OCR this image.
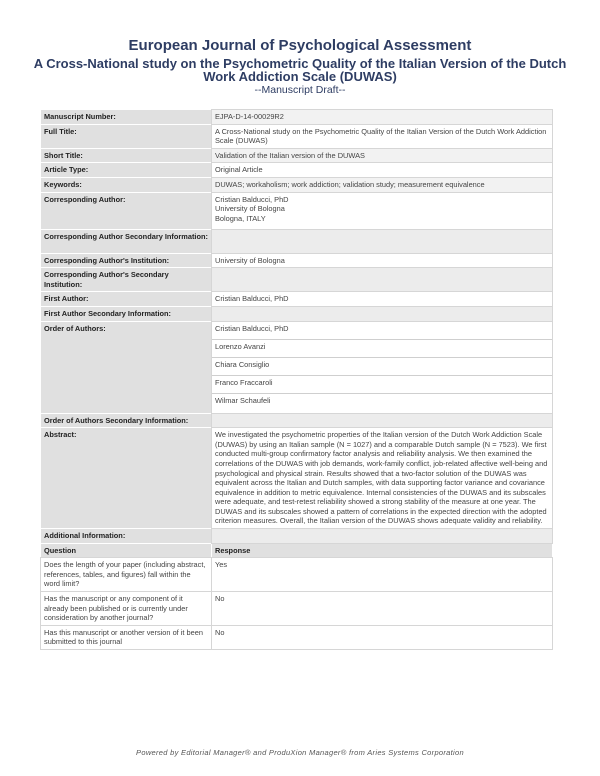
European Journal of Psychological Assessment
A Cross-National study on the Psychometric Quality of the Italian Version of the Dutch Work Addiction Scale (DUWAS)
--Manuscript Draft--
Manuscript Number:	EJPA-D-14-00029R2
Full Title:	A Cross-National study on the Psychometric Quality of the Italian Version of the Dutch Work Addiction Scale (DUWAS)
Short Title:	Validation of the Italian version of the DUWAS
Article Type:	Original Article
Keywords:	DUWAS; workaholism; work addiction; validation study; measurement equivalence
Corresponding Author:	Cristian Balducci, PhD
University of Bologna
Bologna, ITALY

Corresponding Author Secondary Information:	
Corresponding Author's Institution:	University of Bologna
Corresponding Author's Secondary Institution:	
First Author:	Cristian Balducci, PhD
First Author Secondary Information:	
Order of Authors:	Cristian Balducci, PhD
Lorenzo Avanzi
Chiara Consiglio
Franco Fraccaroli
Wilmar Schaufeli

Order of Authors Secondary Information:	
Abstract:	We investigated the psychometric properties of the Italian version of the Dutch Work Addiction Scale (DUWAS) by using an Italian sample (N = 1027) and a comparable Dutch sample (N = 7523). We first conducted multi-group confirmatory factor analysis and reliability analysis. We then examined the correlations of the DUWAS with job demands, work-family conflict, job-related affective well-being and psychological and physical strain. Results showed that a two-factor solution of the DUWAS was equivalent across the Italian and Dutch samples, with data supporting factor variance and covariance equivalence in addition to metric equivalence. Internal consistencies of the DUWAS and its subscales were adequate, and test-retest reliability showed a strong stability of the measure at one year. The DUWAS and its subscales showed a pattern of correlations in the expected direction with the adopted criterion measures. Overall, the Italian version of the DUWAS shows adequate validity and reliability.
Additional Information:	
Question	Response
Does the length of your paper (including abstract, references, tables, and figures) fall within the word limit?	Yes
Has the manuscript or any component of it already been published or is currently under consideration by another journal?	No
Has this manuscript or another version of it been submitted to this journal	No
Powered by Editorial Manager® and ProduXion Manager® from Aries Systems Corporation
